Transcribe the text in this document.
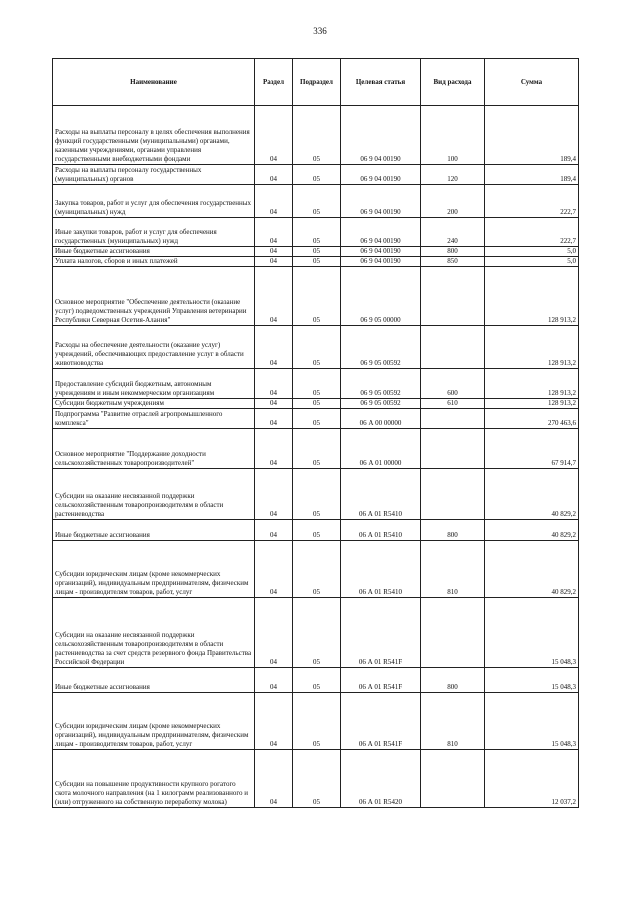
336
Наименование	Раздел	Подраздел	Целевая статья	Вид расхода	Сумма
Расходы на выплаты персоналу в целях обеспечения выполнения функций государственными (муниципальными) органами, казенными учреждениями, органами управления государственными внебюджетными фондами	04	05	06 9 04 00190	100	189,4
Расходы на выплаты персоналу государственных (муниципальных) органов	04	05	06 9 04 00190	120	189,4
Закупка товаров, работ и услуг для обеспечения государственных (муниципальных) нужд	04	05	06 9 04 00190	200	222,7
Иные закупки товаров, работ и услуг для обеспечения государственных (муниципальных) нужд	04	05	06 9 04 00190	240	222,7
Иные бюджетные ассигнования	04	05	06 9 04 00190	800	5,0
Уплата налогов, сборов и иных платежей	04	05	06 9 04 00190	850	5,0
Основное мероприятие "Обеспечение деятельности (оказание услуг) подведомственных учреждений Управления ветеринарии Республики Северная Осетия-Алания"	04	05	06 9 05 00000		128 913,2
Расходы на обеспечение деятельности (оказание услуг) учреждений, обеспечивающих предоставление услуг в области животноводства	04	05	06 9 05 00592		128 913,2
Предоставление субсидий бюджетным, автономным учреждениям и иным некоммерческим организациям	04	05	06 9 05 00592	600	128 913,2
Субсидии бюджетным учреждениям	04	05	06 9 05 00592	610	128 913,2
Подпрограмма "Развитие отраслей агропромышленного комплекса"	04	05	06 А 00 00000		270 463,6
Основное мероприятие "Поддержание доходности сельскохозяйственных товаропроизводителей"	04	05	06 А 01 00000		67 914,7
Субсидии на оказание несвязанной поддержки сельскохозяйственным товаропроизводителям в области растениеводства	04	05	06 А 01 R5410		40 829,2
Иные бюджетные ассигнования	04	05	06 А 01 R5410	800	40 829,2
Субсидии юридическим лицам (кроме некоммерческих организаций), индивидуальным предпринимателям, физическим лицам - производителям товаров, работ, услуг	04	05	06 А 01 R5410	810	40 829,2
Субсидии на оказание несвязанной поддержки сельскохозяйственным товаропроизводителям в области растениеводства за счет средств резервного фонда Правительства Российской Федерации	04	05	06 А 01 R541F		15 048,3
Иные бюджетные ассигнования	04	05	06 А 01 R541F	800	15 048,3
Субсидии юридическим лицам (кроме некоммерческих организаций), индивидуальным предпринимателям, физическим лицам - производителям товаров, работ, услуг	04	05	06 А 01 R541F	810	15 048,3
Субсидии на повышение продуктивности крупного рогатого скота молочного направления (на 1 килограмм реализованного и (или) отгруженного на собственную переработку молока)	04	05	06 А 01 R5420		12 037,2
